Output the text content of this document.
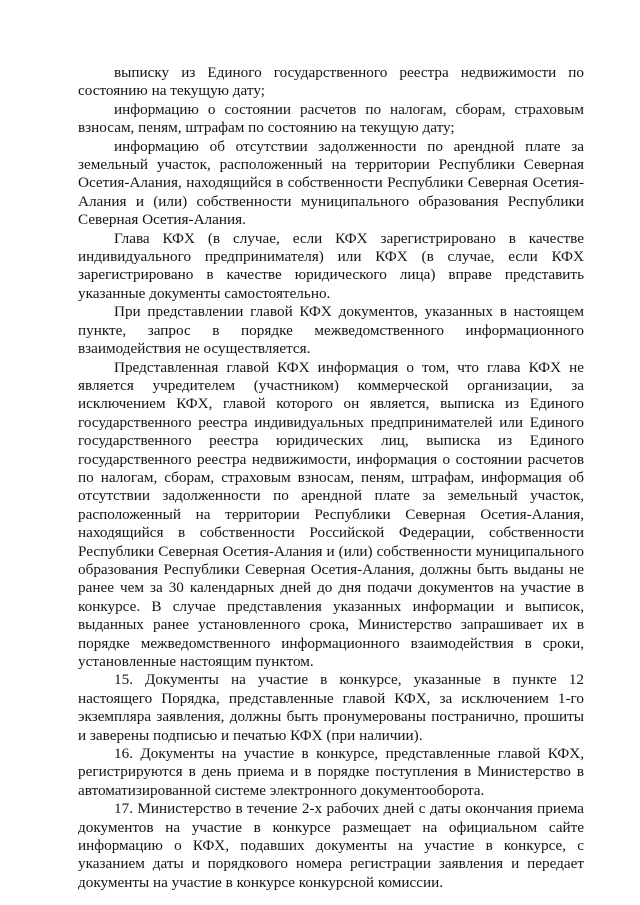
выписку из Единого государственного реестра недвижимости по состоянию на текущую дату;

информацию о состоянии расчетов по налогам, сборам, страховым взносам, пеням, штрафам по состоянию на текущую дату;

информацию об отсутствии задолженности по арендной плате за земельный участок, расположенный на территории Республики Северная Осетия-Алания, находящийся в собственности Республики Северная Осетия-Алания и (или) собственности муниципального образования Республики Северная Осетия-Алания.

Глава КФХ (в случае, если КФХ зарегистрировано в качестве индивидуального предпринимателя) или КФХ (в случае, если КФХ зарегистрировано в качестве юридического лица) вправе представить указанные документы самостоятельно.

При представлении главой КФХ документов, указанных в настоящем пункте, запрос в порядке межведомственного информационного взаимодействия не осуществляется.

Представленная главой КФХ информация о том, что глава КФХ не является учредителем (участником) коммерческой организации, за исключением КФХ, главой которого он является, выписка из Единого государственного реестра индивидуальных предпринимателей или Единого государственного реестра юридических лиц, выписка из Единого государственного реестра недвижимости, информация о состоянии расчетов по налогам, сборам, страховым взносам, пеням, штрафам, информация об отсутствии задолженности по арендной плате за земельный участок, расположенный на территории Республики Северная Осетия-Алания, находящийся в собственности Российской Федерации, собственности Республики Северная Осетия-Алания и (или) собственности муниципального образования Республики Северная Осетия-Алания, должны быть выданы не ранее чем за 30 календарных дней до дня подачи документов на участие в конкурсе. В случае представления указанных информации и выписок, выданных ранее установленного срока, Министерство запрашивает их в порядке межведомственного информационного взаимодействия в сроки, установленные настоящим пунктом.

15. Документы на участие в конкурсе, указанные в пункте 12 настоящего Порядка, представленные главой КФХ, за исключением 1-го экземпляра заявления, должны быть пронумерованы постранично, прошиты и заверены подписью и печатью КФХ (при наличии).

16. Документы на участие в конкурсе, представленные главой КФХ, регистрируются в день приема и в порядке поступления в Министерство в автоматизированной системе электронного документооборота.

17. Министерство в течение 2-х рабочих дней с даты окончания приема документов на участие в конкурсе размещает на официальном сайте информацию о КФХ, подавших документы на участие в конкурсе, с указанием даты и порядкового номера регистрации заявления и передает документы на участие в конкурсе конкурсной комиссии.
